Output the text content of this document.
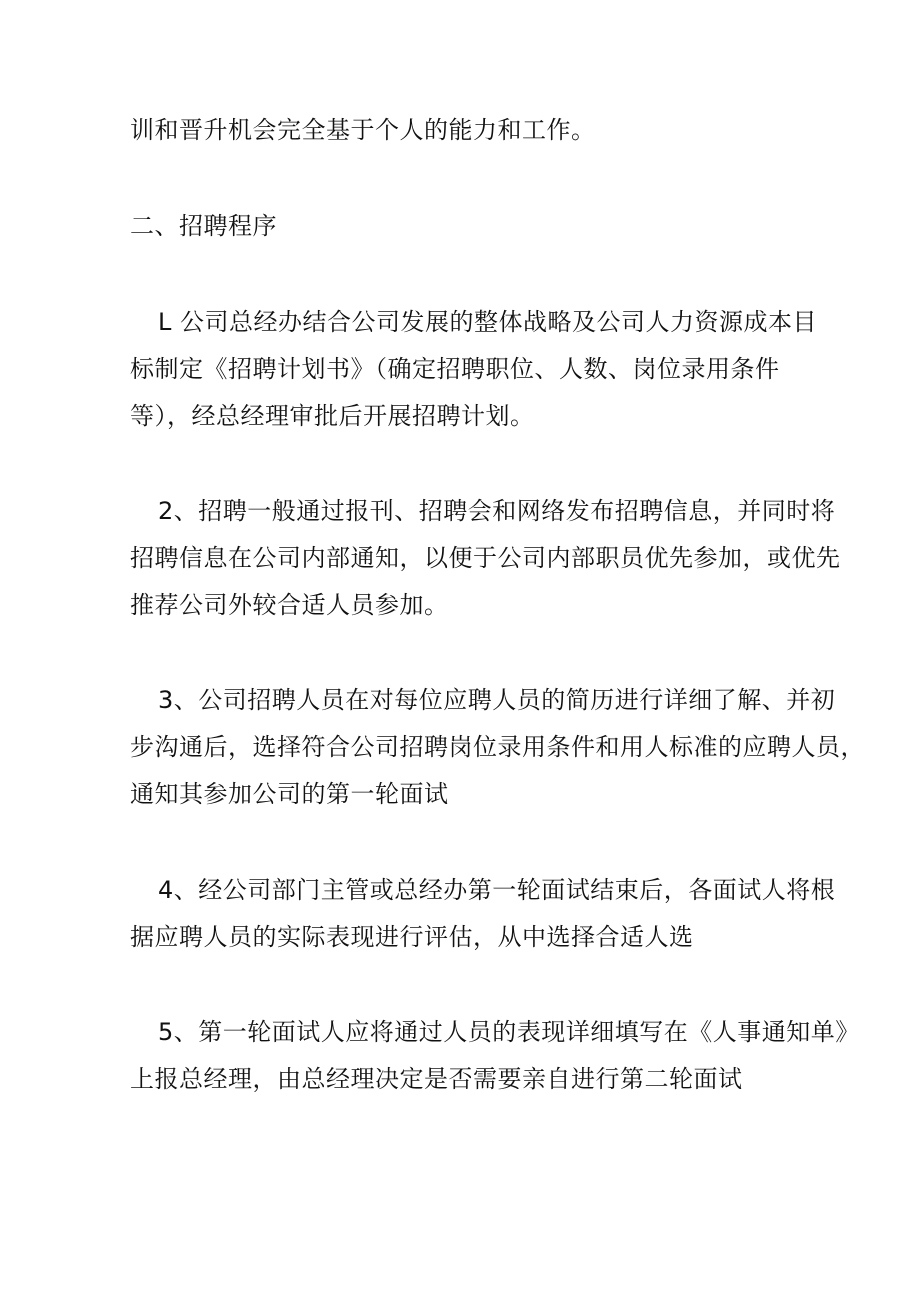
训和晋升机会完全基于个人的能力和工作。
二、招聘程序
L 公司总经办结合公司发展的整体战略及公司人力资源成本目
标制定《招聘计划书》（确定招聘职位、人数、岗位录用条件
等），经总经理审批后开展招聘计划。
2、招聘一般通过报刊、招聘会和网络发布招聘信息，并同时将
招聘信息在公司内部通知，以便于公司内部职员优先参加，或优先
推荐公司外较合适人员参加。
3、公司招聘人员在对每位应聘人员的简历进行详细了解、并初
步沟通后，选择符合公司招聘岗位录用条件和用人标准的应聘人员，
通知其参加公司的第一轮面试
4、经公司部门主管或总经办第一轮面试结束后，各面试人将根
据应聘人员的实际表现进行评估，从中选择合适人选
5、第一轮面试人应将通过人员的表现详细填写在《人事通知单》
上报总经理，由总经理决定是否需要亲自进行第二轮面试
